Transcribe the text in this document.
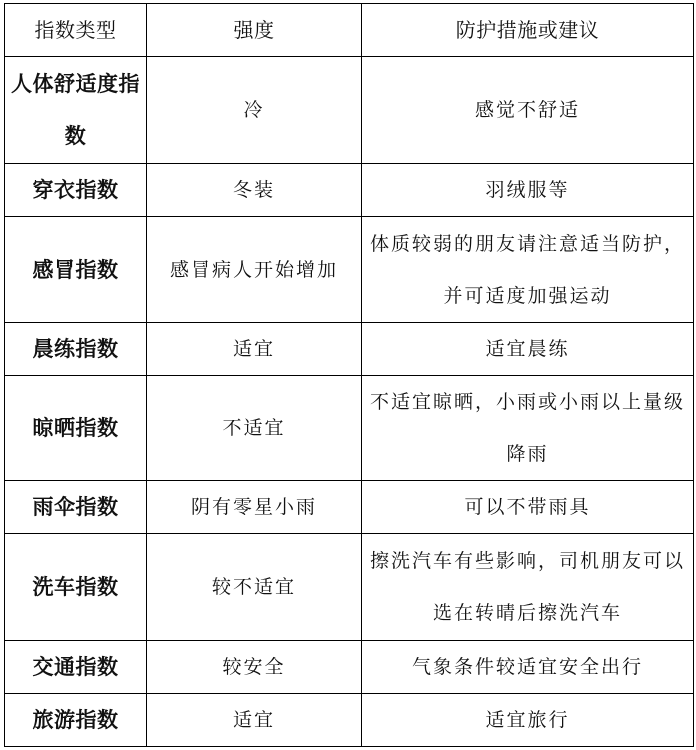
指数类型	强度	防护措施或建议
人体舒适度指数	冷	感觉不舒适
穿衣指数	冬装	羽绒服等
感冒指数	感冒病人开始增加	体质较弱的朋友请注意适当防护，并可适度加强运动
晨练指数	适宜	适宜晨练
晾晒指数	不适宜	不适宜晾晒，小雨或小雨以上量级降雨
雨伞指数	阴有零星小雨	可以不带雨具
洗车指数	较不适宜	擦洗汽车有些影响，司机朋友可以选在转晴后擦洗汽车
交通指数	较安全	气象条件较适宜安全出行
旅游指数	适宜	适宜旅行
